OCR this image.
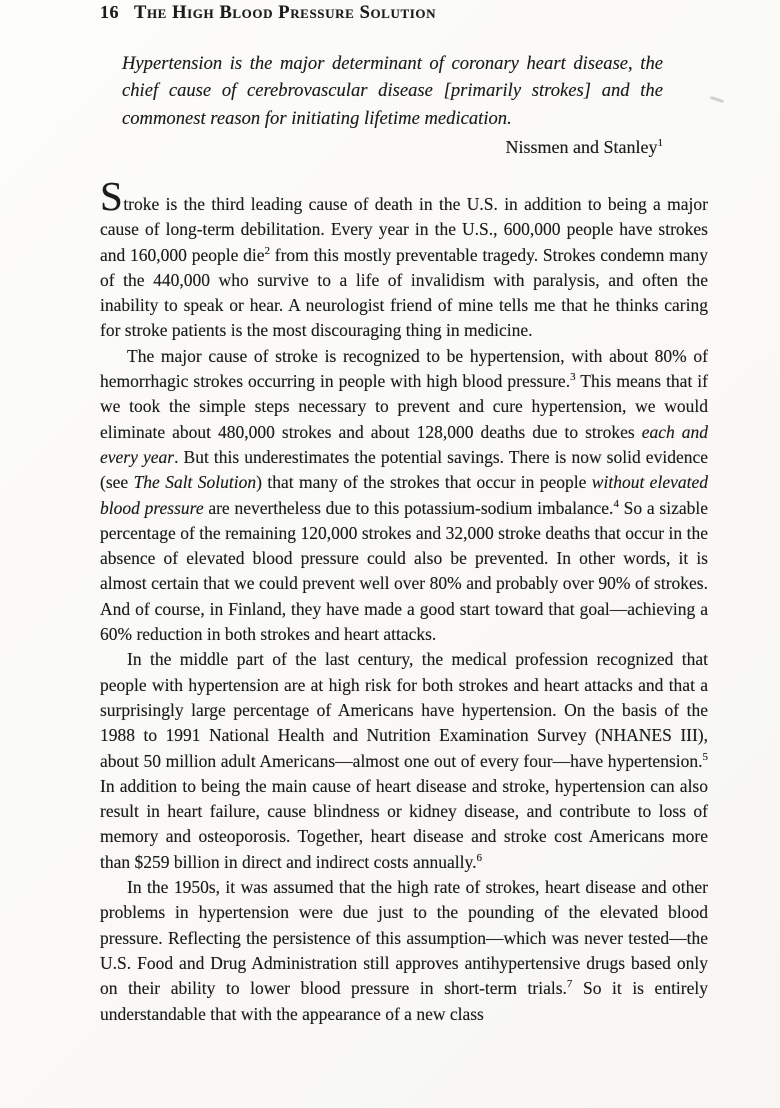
16 The High Blood Pressure Solution

Hypertension is the major determinant of coronary heart disease, the chief cause of cerebrovascular disease [primarily strokes] and the commonest reason for initiating lifetime medication.

Nissmen and Stanley$^1$

Stroke is the third leading cause of death in the U.S. in addition to being a major cause of long-term debilitation. Every year in the U.S., 600,000 people have strokes and 160,000 people die$^2$ from this mostly preventable tragedy. Strokes condemn many of the 440,000 who survive to a life of invalidism with paralysis, and often the inability to speak or hear. A neurologist friend of mine tells me that he thinks caring for stroke patients is the most discouraging thing in medicine.

The major cause of stroke is recognized to be hypertension, with about 80% of hemorrhagic strokes occurring in people with high blood pressure.$^3$ This means that if we took the simple steps necessary to prevent and cure hypertension, we would eliminate about 480,000 strokes and about 128,000 deaths due to strokes each and every year. But this underestimates the potential savings. There is now solid evidence (see The Salt Solution) that many of the strokes that occur in people without elevated blood pressure are nevertheless due to this potassium-sodium imbalance.$^4$ So a sizable percentage of the remaining 120,000 strokes and 32,000 stroke deaths that occur in the absence of elevated blood pressure could also be prevented. In other words, it is almost certain that we could prevent well over 80% and probably over 90% of strokes. And of course, in Finland, they have made a good start toward that goal—achieving a 60% reduction in both strokes and heart attacks.

In the middle part of the last century, the medical profession recognized that people with hypertension are at high risk for both strokes and heart attacks and that a surprisingly large percentage of Americans have hypertension. On the basis of the 1988 to 1991 National Health and Nutrition Examination Survey (NHANES III), about 50 million adult Americans—almost one out of every four—have hypertension.$^5$ In addition to being the main cause of heart disease and stroke, hypertension can also result in heart failure, cause blindness or kidney disease, and contribute to loss of memory and osteoporosis. Together, heart disease and stroke cost Americans more than $259 billion in direct and indirect costs annually.$^6$

In the 1950s, it was assumed that the high rate of strokes, heart disease and other problems in hypertension were due just to the pounding of the elevated blood pressure. Reflecting the persistence of this assumption—which was never tested—the U.S. Food and Drug Administration still approves antihypertensive drugs based only on their ability to lower blood pressure in short-term trials.$^7$ So it is entirely understandable that with the appearance of a new class
